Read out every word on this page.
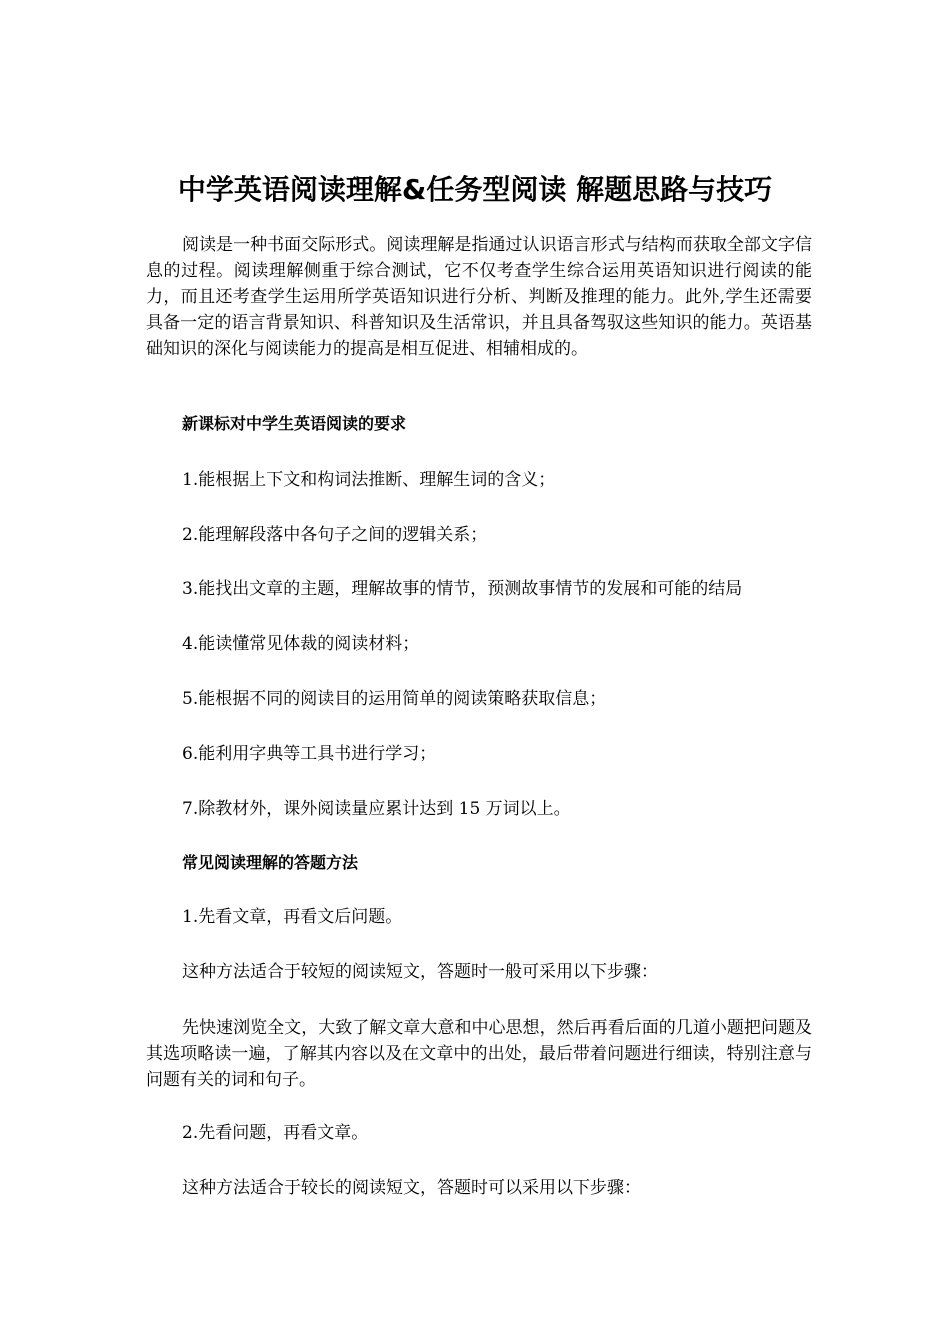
中学英语阅读理解&任务型阅读 解题思路与技巧

阅读是一种书面交际形式。阅读理解是指通过认识语言形式与结构而获取全部文字信息的过程。阅读理解侧重于综合测试，它不仅考查学生综合运用英语知识进行阅读的能力，而且还考查学生运用所学英语知识进行分析、判断及推理的能力。此外,学生还需要具备一定的语言背景知识、科普知识及生活常识，并且具备驾驭这些知识的能力。英语基础知识的深化与阅读能力的提高是相互促进、相辅相成的。

新课标对中学生英语阅读的要求

1.能根据上下文和构词法推断、理解生词的含义；

2.能理解段落中各句子之间的逻辑关系；

3.能找出文章的主题，理解故事的情节，预测故事情节的发展和可能的结局

4.能读懂常见体裁的阅读材料；

5.能根据不同的阅读目的运用简单的阅读策略获取信息；

6.能利用字典等工具书进行学习；

7.除教材外，课外阅读量应累计达到 15 万词以上。

常见阅读理解的答题方法

1.先看文章，再看文后问题。

这种方法适合于较短的阅读短文，答题时一般可采用以下步骤：

先快速浏览全文，大致了解文章大意和中心思想，然后再看后面的几道小题把问题及其选项略读一遍，了解其内容以及在文章中的出处，最后带着问题进行细读，特别注意与问题有关的词和句子。

2.先看问题，再看文章。

这种方法适合于较长的阅读短文，答题时可以采用以下步骤：
